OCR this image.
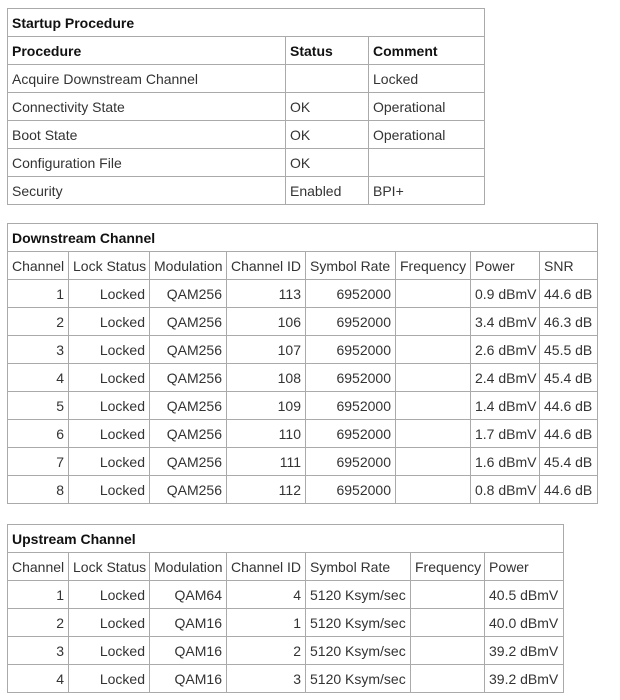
Startup Procedure		
Procedure	Status	Comment
Acquire Downstream Channel		Locked
Connectivity State	OK	Operational
Boot State	OK	Operational
Configuration File	OK	
Security	Enabled	BPI+
Downstream Channel							
Channel	Lock Status	Modulation	Channel ID	Symbol Rate	Frequency	Power	SNR
1	Locked	QAM256	113	6952000		0.9 dBmV	44.6 dB
2	Locked	QAM256	106	6952000		3.4 dBmV	46.3 dB
3	Locked	QAM256	107	6952000		2.6 dBmV	45.5 dB
4	Locked	QAM256	108	6952000		2.4 dBmV	45.4 dB
5	Locked	QAM256	109	6952000		1.4 dBmV	44.6 dB
6	Locked	QAM256	110	6952000		1.7 dBmV	44.6 dB
7	Locked	QAM256	111	6952000		1.6 dBmV	45.4 dB
8	Locked	QAM256	112	6952000		0.8 dBmV	44.6 dB
Upstream Channel						
Channel	Lock Status	Modulation	Channel ID	Symbol Rate	Frequency	Power
1	Locked	QAM64	4	5120 Ksym/sec		40.5 dBmV
2	Locked	QAM16	1	5120 Ksym/sec		40.0 dBmV
3	Locked	QAM16	2	5120 Ksym/sec		39.2 dBmV
4	Locked	QAM16	3	5120 Ksym/sec		39.2 dBmV
